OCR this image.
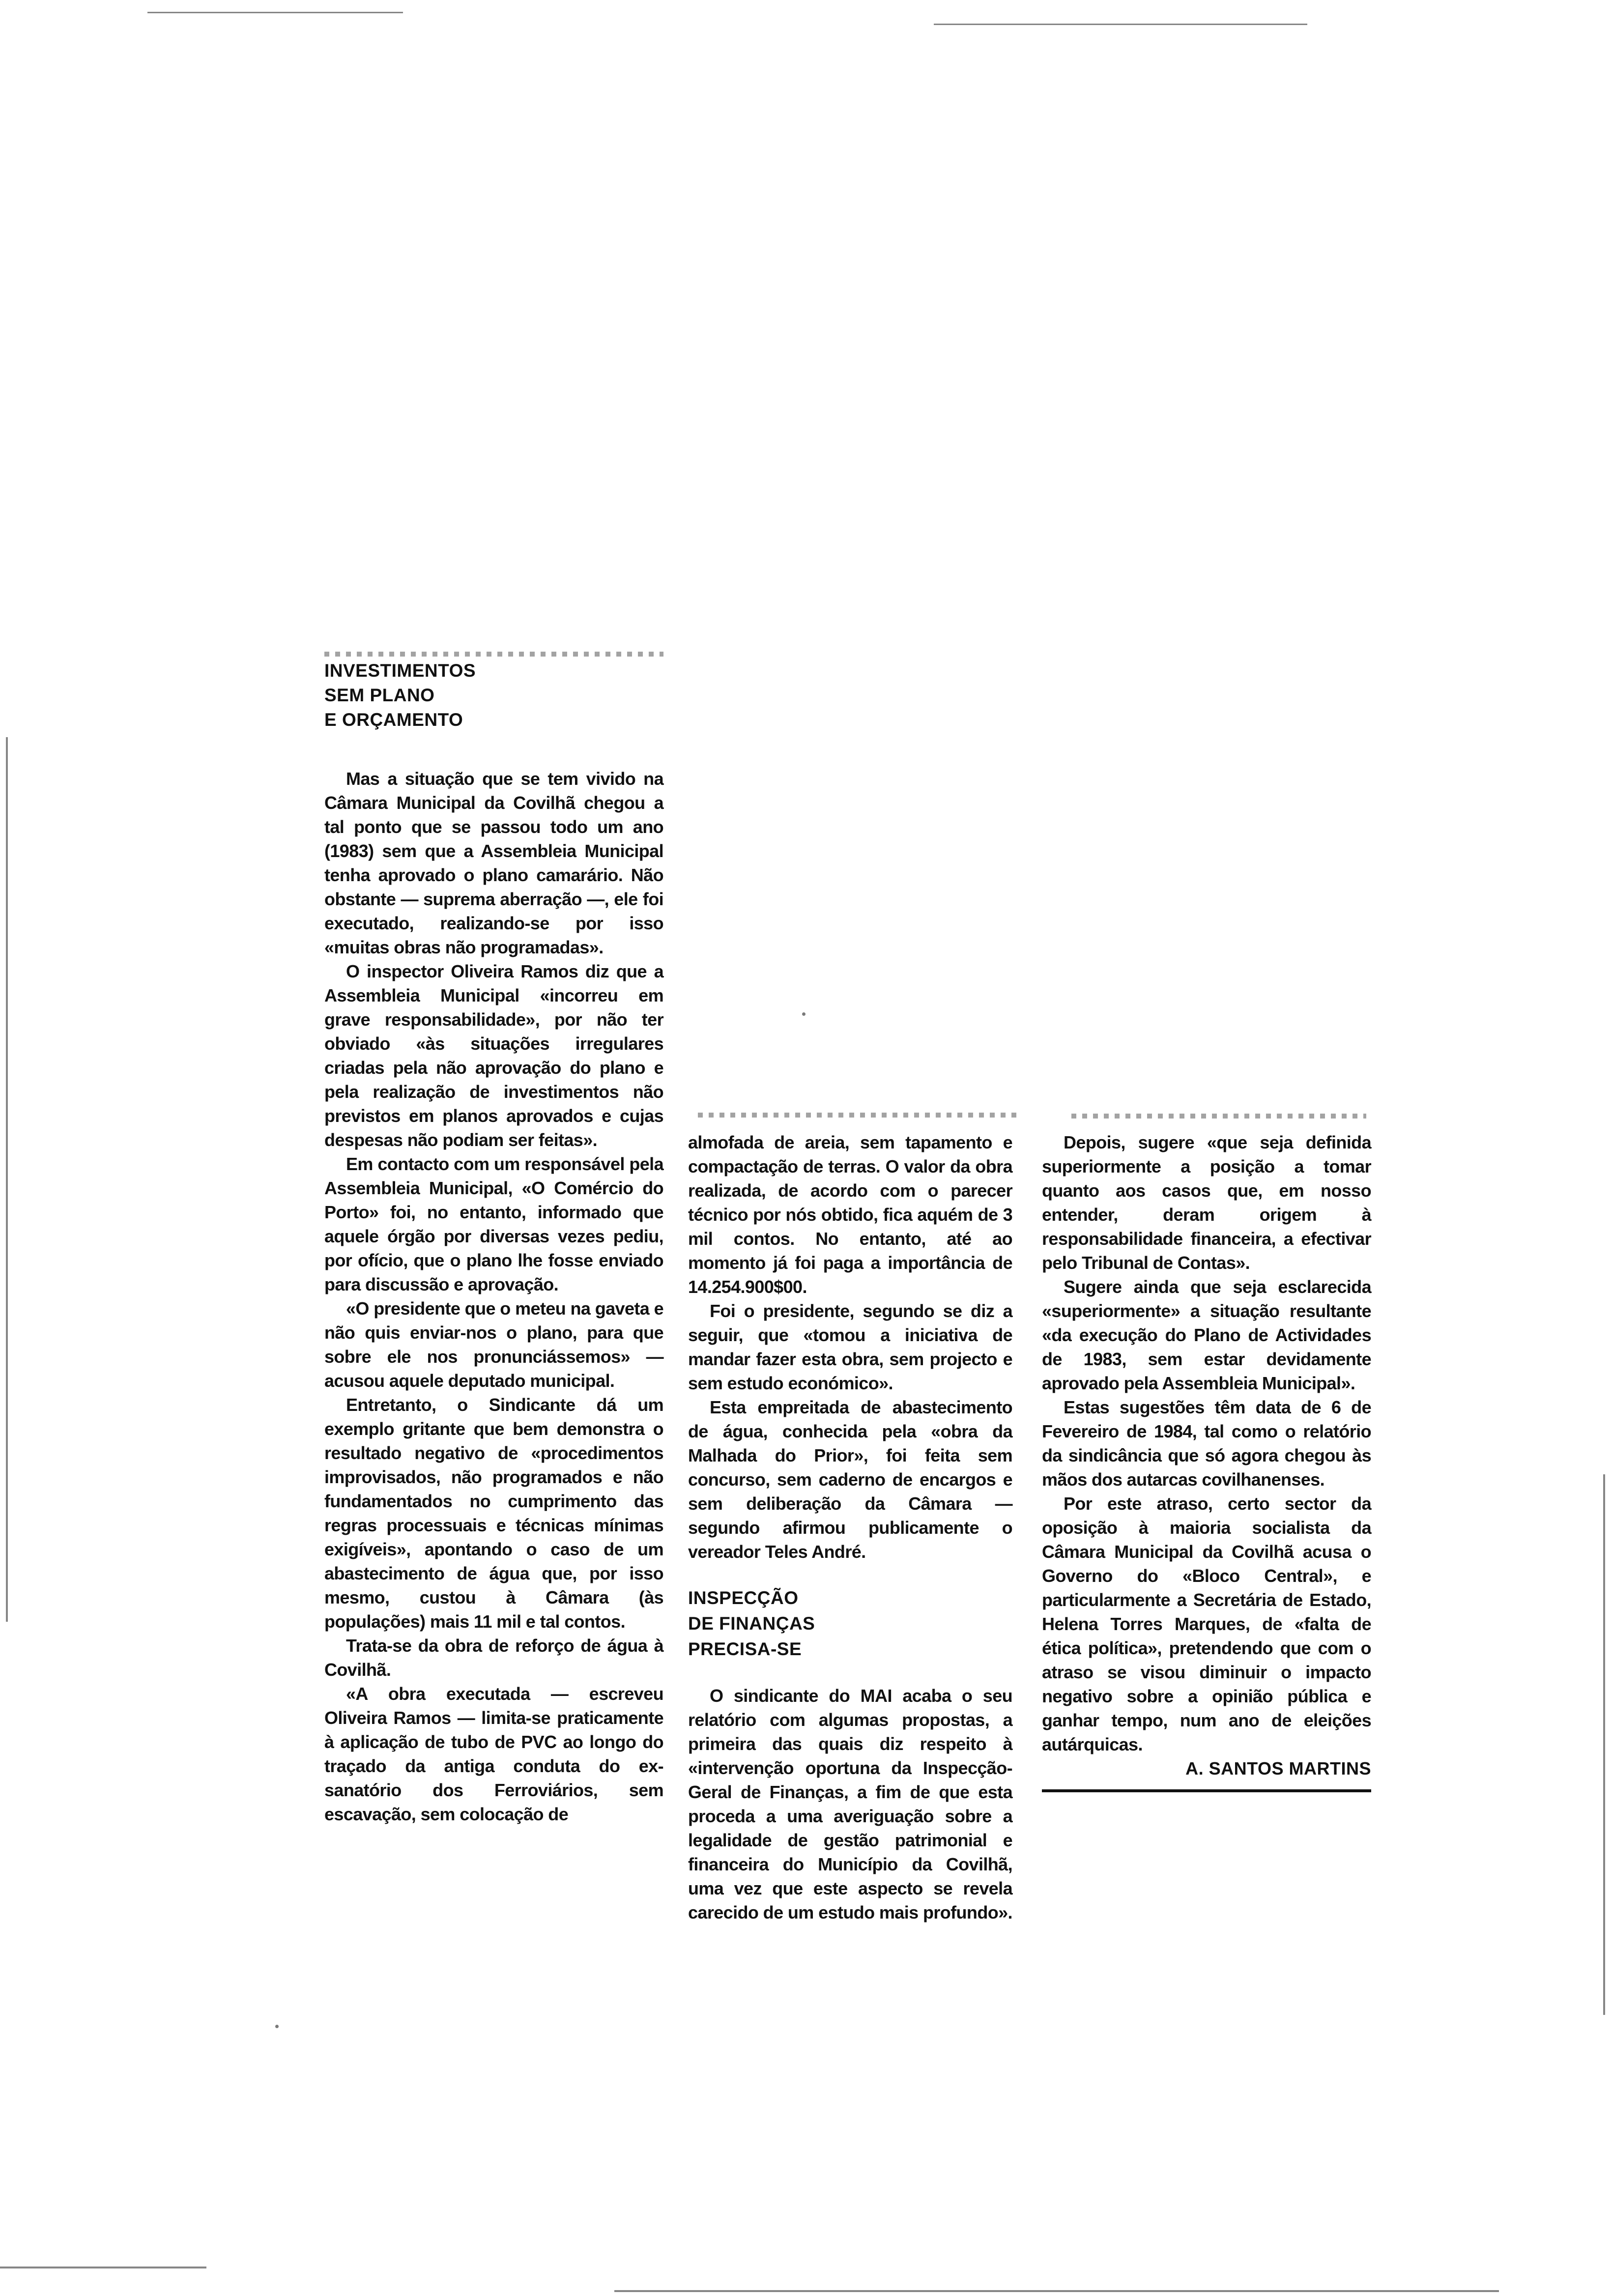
INVESTIMENTOS
SEM PLANO
E ORÇAMENTO

Mas a situação que se tem vivido na Câmara Municipal da Covilhã chegou a tal ponto que se passou todo um ano (1983) sem que a Assembleia Municipal tenha aprovado o plano camarário. Não obstante — suprema aberração —, ele foi executado, realizando-se por isso «muitas obras não programadas».

O inspector Oliveira Ramos diz que a Assembleia Municipal «incorreu em grave responsabilidade», por não ter obviado «às situações irregulares criadas pela não aprovação do plano e pela realização de investimentos não previstos em planos aprovados e cujas despesas não podiam ser feitas».

Em contacto com um responsável pela Assembleia Municipal, «O Comércio do Porto» foi, no entanto, informado que aquele órgão por diversas vezes pediu, por ofício, que o plano lhe fosse enviado para discussão e aprovação.

«O presidente que o meteu na gaveta e não quis enviar-nos o plano, para que sobre ele nos pronunciássemos» — acusou aquele deputado municipal.

Entretanto, o Sindicante dá um exemplo gritante que bem demonstra o resultado negativo de «procedimentos improvisados, não programados e não fundamentados no cumprimento das regras processuais e técnicas mínimas exigíveis», apontando o caso de um abastecimento de água que, por isso mesmo, custou à Câmara (às populações) mais 11 mil e tal contos.

Trata-se da obra de reforço de água à Covilhã.

«A obra executada — escreveu Oliveira Ramos — limita-se praticamente à aplicação de tubo de PVC ao longo do traçado da antiga conduta do ex-sanatório dos Ferroviários, sem escavação, sem colocação de

almofada de areia, sem tapamento e compactação de terras. O valor da obra realizada, de acordo com o parecer técnico por nós obtido, fica aquém de 3 mil contos. No entanto, até ao momento já foi paga a importância de 14.254.900$00.

Foi o presidente, segundo se diz a seguir, que «tomou a iniciativa de mandar fazer esta obra, sem projecto e sem estudo económico».

Esta empreitada de abastecimento de água, conhecida pela «obra da Malhada do Prior», foi feita sem concurso, sem caderno de encargos e sem deliberação da Câmara — segundo afirmou publicamente o vereador Teles André.

INSPECÇÃO
DE FINANÇAS
PRECISA-SE

O sindicante do MAI acaba o seu relatório com algumas propostas, a primeira das quais diz respeito à «intervenção oportuna da Inspecção-Geral de Finanças, a fim de que esta proceda a uma averiguação sobre a legalidade de gestão patrimonial e financeira do Município da Covilhã, uma vez que este aspecto se revela carecido de um estudo mais profundo».

Depois, sugere «que seja definida superiormente a posição a tomar quanto aos casos que, em nosso entender, deram origem à responsabilidade financeira, a efectivar pelo Tribunal de Contas».

Sugere ainda que seja esclarecida «superiormente» a situação resultante «da execução do Plano de Actividades de 1983, sem estar devidamente aprovado pela Assembleia Municipal».

Estas sugestões têm data de 6 de Fevereiro de 1984, tal como o relatório da sindicância que só agora chegou às mãos dos autarcas covilhanenses.

Por este atraso, certo sector da oposição à maioria socialista da Câmara Municipal da Covilhã acusa o Governo do «Bloco Central», e particularmente a Secretária de Estado, Helena Torres Marques, de «falta de ética política», pretendendo que com o atraso se visou diminuir o impacto negativo sobre a opinião pública e ganhar tempo, num ano de eleições autárquicas.

A. SANTOS MARTINS
